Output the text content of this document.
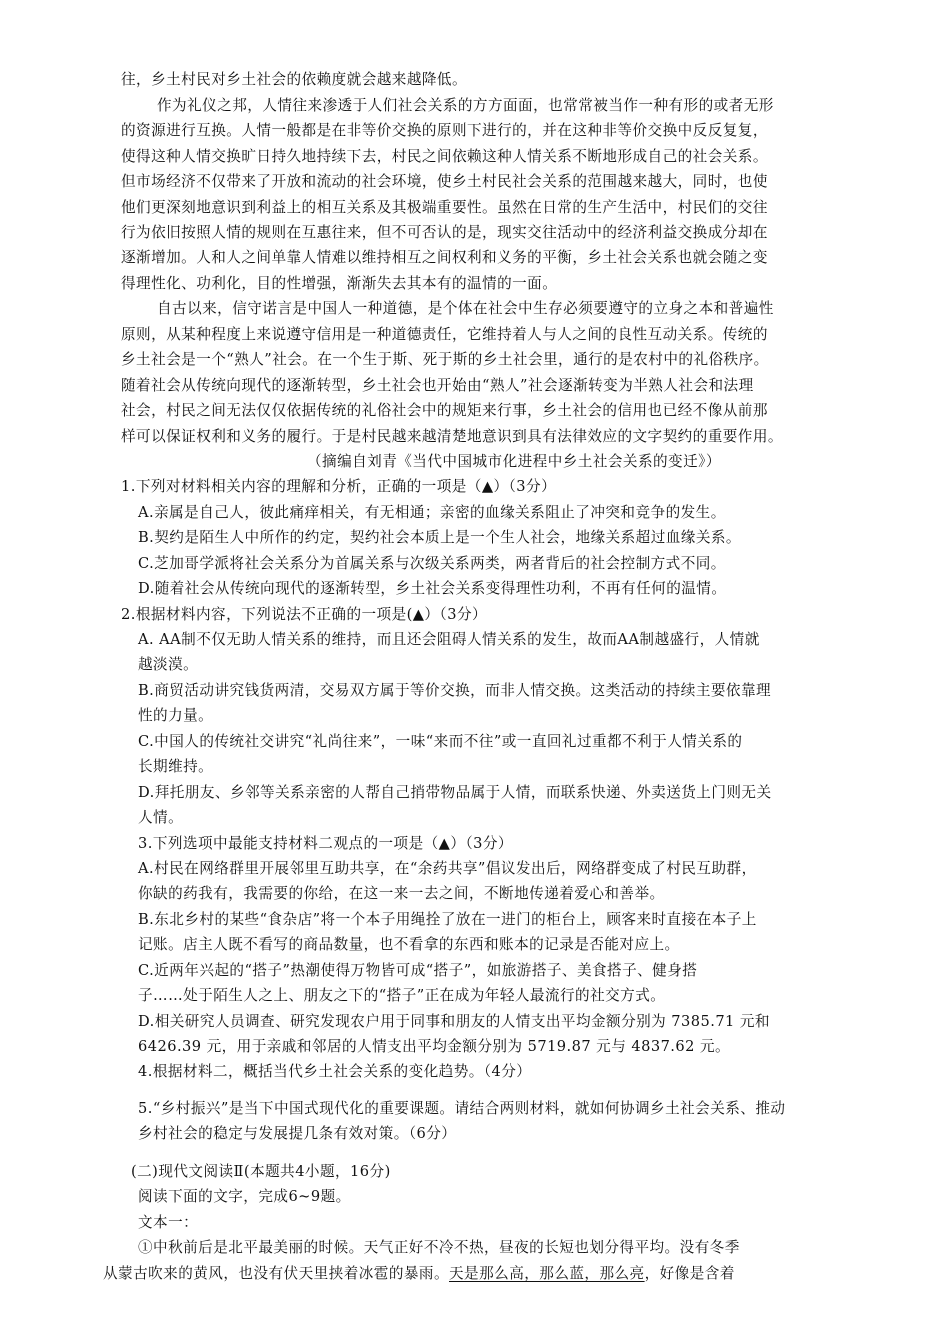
往，乡土村民对乡土社会的依赖度就会越来越降低。
作为礼仪之邦，人情往来渗透于人们社会关系的方方面面，也常常被当作一种有形的或者无形
的资源进行互换。人情一般都是在非等价交换的原则下进行的，并在这种非等价交换中反反复复，
使得这种人情交换旷日持久地持续下去，村民之间依赖这种人情关系不断地形成自己的社会关系。
但市场经济不仅带来了开放和流动的社会环境，使乡土村民社会关系的范围越来越大，同时，也使
他们更深刻地意识到利益上的相互关系及其极端重要性。虽然在日常的生产生活中，村民们的交往
行为依旧按照人情的规则在互惠往来，但不可否认的是，现实交往活动中的经济利益交换成分却在
逐渐增加。人和人之间单靠人情难以维持相互之间权利和义务的平衡，乡土社会关系也就会随之变
得理性化、功利化，目的性增强，渐渐失去其本有的温情的一面。
自古以来，信守诺言是中国人一种道德，是个体在社会中生存必须要遵守的立身之本和普遍性
原则，从某种程度上来说遵守信用是一种道德责任，它维持着人与人之间的良性互动关系。传统的
乡土社会是一个“熟人”社会。在一个生于斯、死于斯的乡土社会里，通行的是农村中的礼俗秩序。
随着社会从传统向现代的逐渐转型，乡土社会也开始由“熟人”社会逐渐转变为半熟人社会和法理
社会，村民之间无法仅仅依据传统的礼俗社会中的规矩来行事，乡土社会的信用也已经不像从前那
样可以保证权利和义务的履行。于是村民越来越清楚地意识到具有法律效应的文字契约的重要作用。
（摘编自刘青《当代中国城市化进程中乡土社会关系的变迁》）
1.下列对材料相关内容的理解和分析，正确的一项是（▲）（3分）
A.亲属是自己人，彼此痛痒相关，有无相通；亲密的血缘关系阻止了冲突和竞争的发生。
B.契约是陌生人中所作的约定，契约社会本质上是一个生人社会，地缘关系超过血缘关系。
C.芝加哥学派将社会关系分为首属关系与次级关系两类，两者背后的社会控制方式不同。
D.随着社会从传统向现代的逐渐转型，乡土社会关系变得理性功利，不再有任何的温情。
2.根据材料内容，下列说法不正确的一项是(▲）（3分）
A. AA制不仅无助人情关系的维持，而且还会阻碍人情关系的发生，故而AA制越盛行，人情就
越淡漠。
B.商贸活动讲究钱货两清，交易双方属于等价交换，而非人情交换。这类活动的持续主要依靠理
性的力量。
C.中国人的传统社交讲究“礼尚往来”，一味“来而不往”或一直回礼过重都不利于人情关系的
长期维持。
D.拜托朋友、乡邻等关系亲密的人帮自己捎带物品属于人情，而联系快递、外卖送货上门则无关
人情。
3.下列选项中最能支持材料二观点的一项是（▲）（3分）
A.村民在网络群里开展邻里互助共享，在“余药共享”倡议发出后，网络群变成了村民互助群，
你缺的药我有，我需要的你给，在这一来一去之间，不断地传递着爱心和善举。
B.东北乡村的某些“食杂店”将一个本子用绳拴了放在一进门的柜台上，顾客来时直接在本子上
记账。店主人既不看写的商品数量，也不看拿的东西和账本的记录是否能对应上。
C.近两年兴起的“搭子”热潮使得万物皆可成“搭子”，如旅游搭子、美食搭子、健身搭
子……处于陌生人之上、朋友之下的“搭子”正在成为年轻人最流行的社交方式。
D.相关研究人员调查、研究发现农户用于同事和朋友的人情支出平均金额分别为 7385.71 元和
6426.39 元，用于亲戚和邻居的人情支出平均金额分别为 5719.87 元与 4837.62 元。
4.根据材料二，概括当代乡土社会关系的变化趋势。（4分）
5.“乡村振兴”是当下中国式现代化的重要课题。请结合两则材料，就如何协调乡土社会关系、推动
乡村社会的稳定与发展提几条有效对策。（6分）
(二)现代文阅读Ⅱ(本题共4小题，16分)
阅读下面的文字，完成6~9题。
文本一：
①中秋前后是北平最美丽的时候。天气正好不冷不热，昼夜的长短也划分得平均。没有冬季
从蒙古吹来的黄风，也没有伏天里挟着冰雹的暴雨。天是那么高，那么蓝，那么亮，好像是含着
